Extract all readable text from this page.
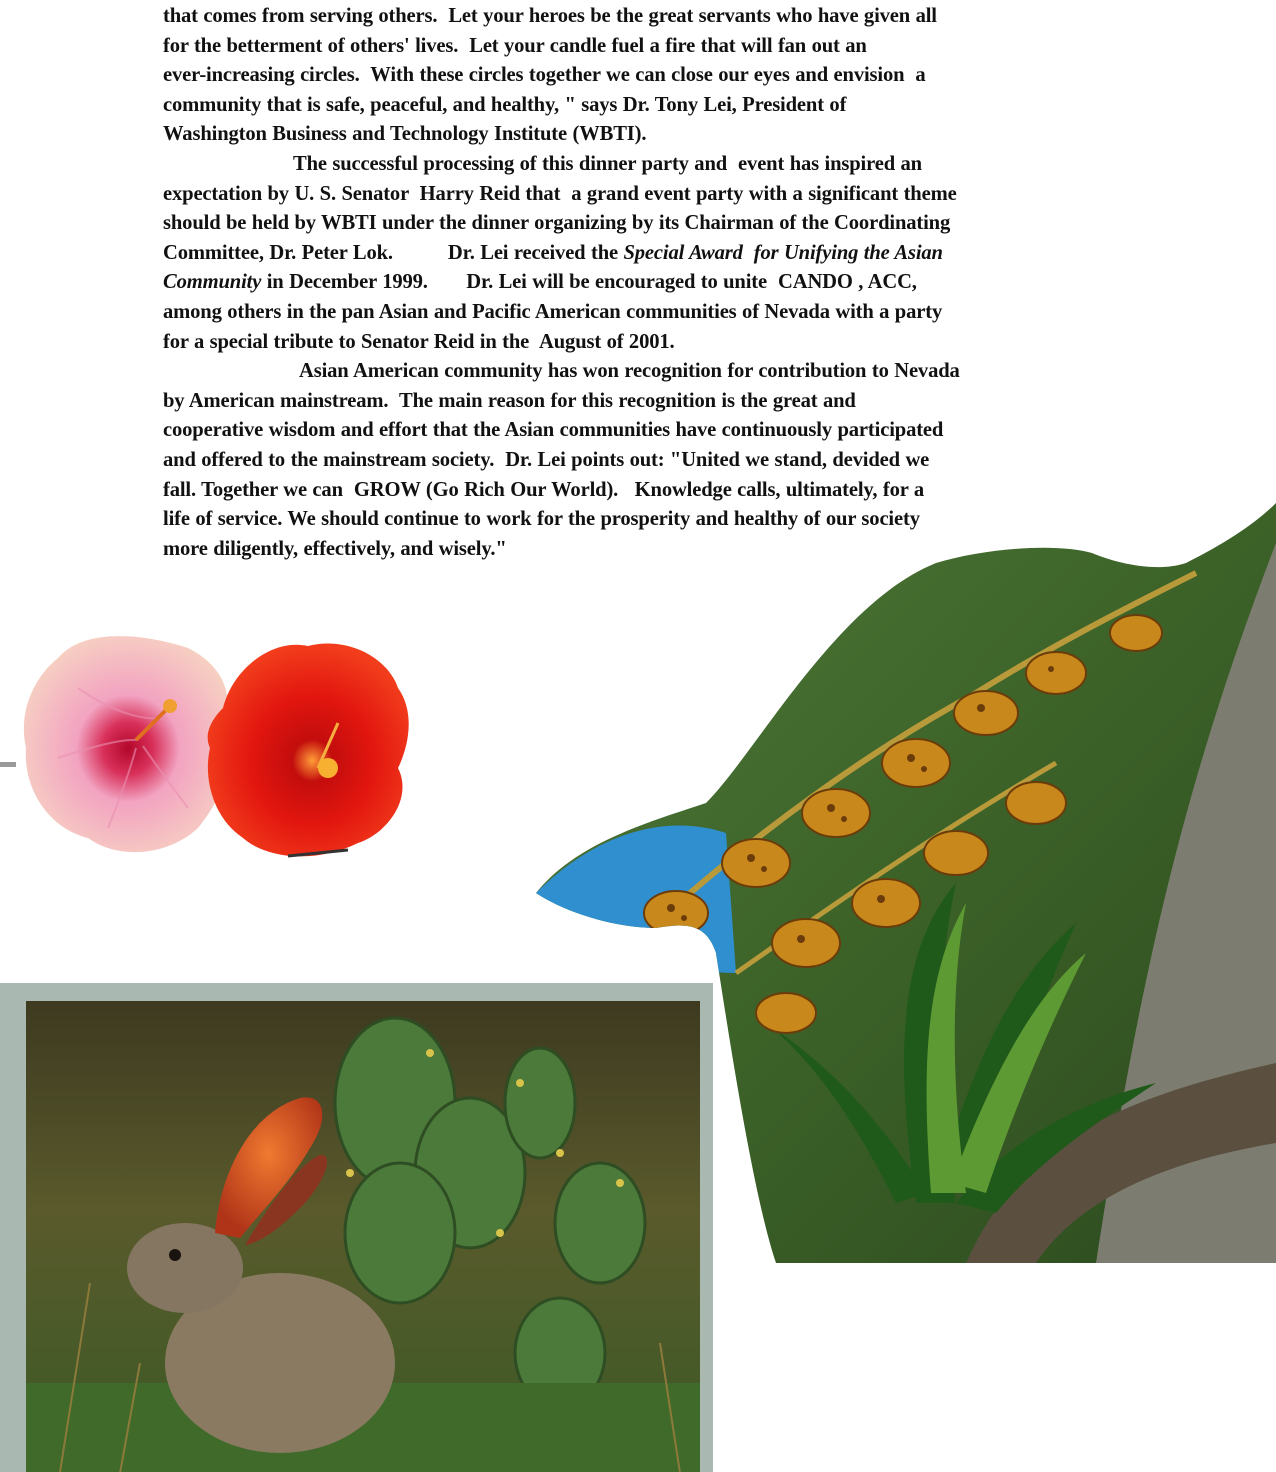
that comes from serving others.  Let your heroes be the great servants who have given all
for the betterment of others' lives.  Let your candle fuel a fire that will fan out an
ever-increasing circles.  With these circles together we can close our eyes and envision  a
community that is safe, peaceful, and healthy, " says Dr. Tony Lei, President of
Washington Business and Technology Institute (WBTI).
The successful processing of this dinner party and  event has inspired an
expectation by U. S. Senator  Harry Reid that  a grand event party with a significant theme
should be held by WBTI under the dinner organizing by its Chairman of the Coordinating
Committee, Dr. Peter Lok.          Dr. Lei received the Special Award  for Unifying the Asian
Community in December 1999.       Dr. Lei will be encouraged to unite  CANDO , ACC,
among others in the pan Asian and Pacific American communities of Nevada with a party
for a special tribute to Senator Reid in the  August of 2001.
Asian American community has won recognition for contribution to Nevada
by American mainstream.  The main reason for this recognition is the great and
cooperative wisdom and effort that the Asian communities have continuously participated
and offered to the mainstream society.  Dr. Lei points out: "United we stand, devided we
fall. Together we can  GROW (Go Rich Our World).   Knowledge calls, ultimately, for a
life of service. We should continue to work for the prosperity and healthy of our society
more diligently, effectively, and wisely."
